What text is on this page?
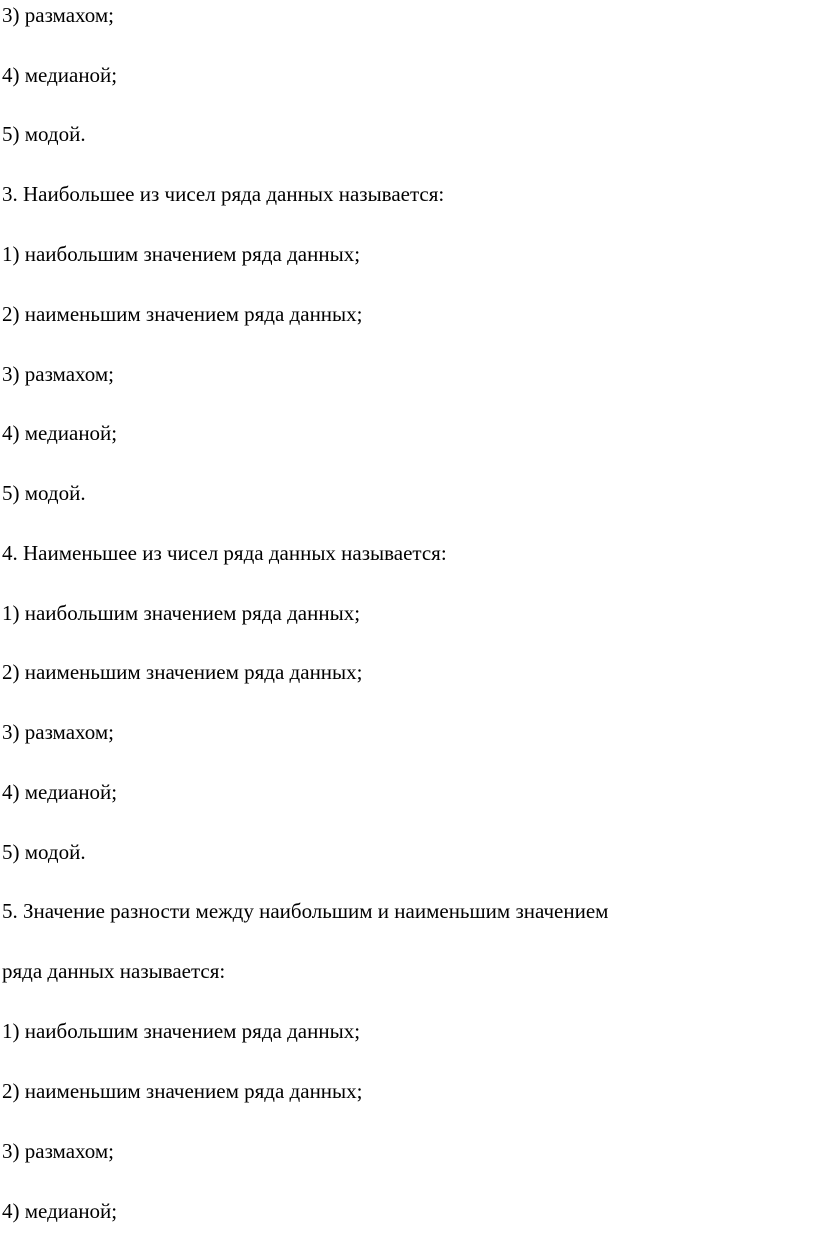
3) размахом;

4) медианой;

5) модой.

3. Наибольшее из чисел ряда данных называется:

1) наибольшим значением ряда данных;

2) наименьшим значением ряда данных;

3) размахом;

4) медианой;

5) модой.

4. Наименьшее из чисел ряда данных называется:

1) наибольшим значением ряда данных;

2) наименьшим значением ряда данных;

3) размахом;

4) медианой;

5) модой.

5. Значение разности между наибольшим и наименьшим значением

ряда данных называется:

1) наибольшим значением ряда данных;

2) наименьшим значением ряда данных;

3) размахом;

4) медианой;
